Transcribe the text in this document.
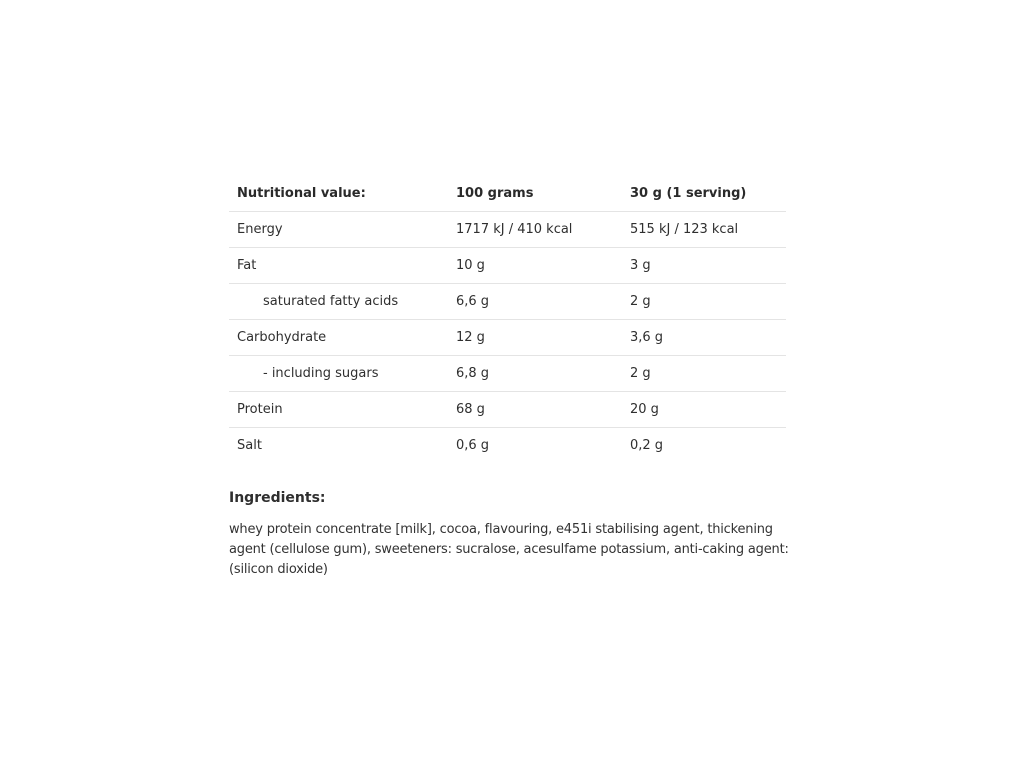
Nutritional value:	100 grams	30 g (1 serving)
Energy	1717 kJ / 410 kcal	515 kJ / 123 kcal
Fat	10 g	3 g
saturated fatty acids	6,6 g	2 g
Carbohydrate	12 g	3,6 g
- including sugars	6,8 g	2 g
Protein	68 g	20 g
Salt	0,6 g	0,2 g
Ingredients:

whey protein concentrate [milk], cocoa, flavouring, e451i stabilising agent, thickening agent (cellulose gum), sweeteners: sucralose, acesulfame potassium, anti-caking agent: (silicon dioxide)
